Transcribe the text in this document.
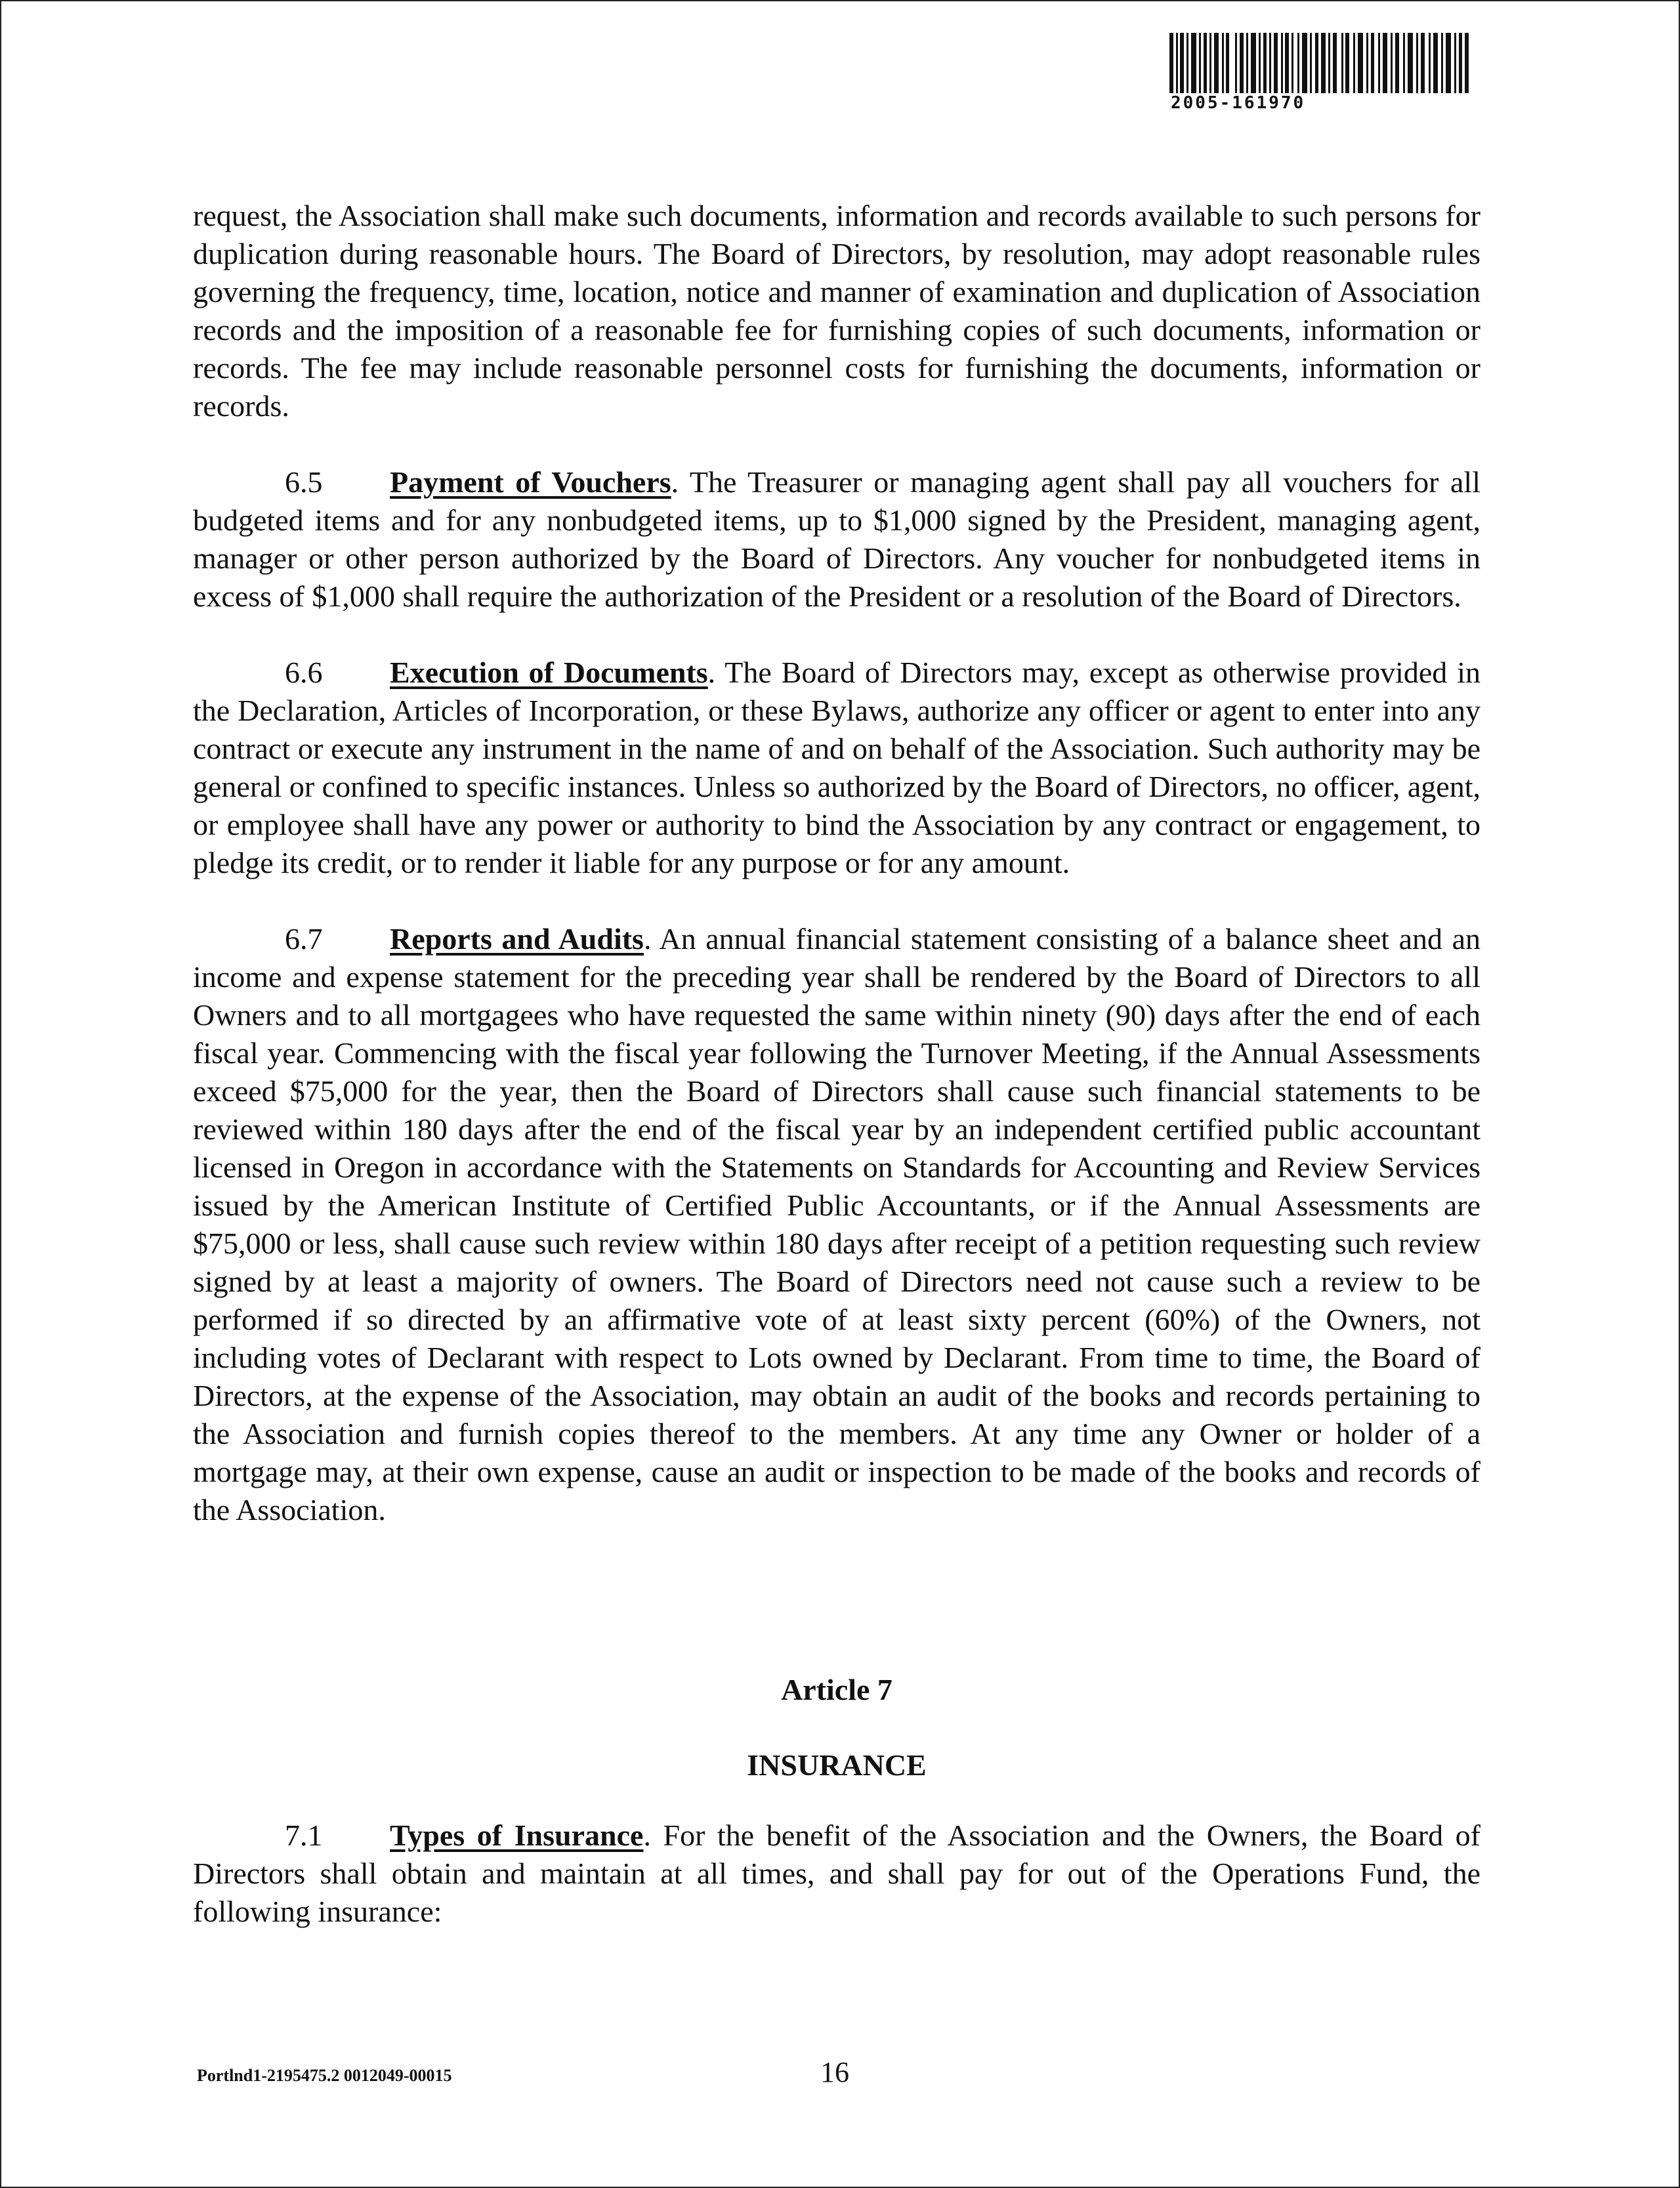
2005-161970

request, the Association shall make such documents, information and records available to such persons for duplication during reasonable hours. The Board of Directors, by resolution, may adopt reasonable rules governing the frequency, time, location, notice and manner of examination and duplication of Association records and the imposition of a reasonable fee for furnishing copies of such documents, information or records. The fee may include reasonable personnel costs for furnishing the documents, information or records.

6.5 Payment of Vouchers. The Treasurer or managing agent shall pay all vouchers for all budgeted items and for any nonbudgeted items, up to $1,000 signed by the President, managing agent, manager or other person authorized by the Board of Directors. Any voucher for nonbudgeted items in excess of $1,000 shall require the authorization of the President or a resolution of the Board of Directors.

6.6 Execution of Documents. The Board of Directors may, except as otherwise provided in the Declaration, Articles of Incorporation, or these Bylaws, authorize any officer or agent to enter into any contract or execute any instrument in the name of and on behalf of the Association. Such authority may be general or confined to specific instances. Unless so authorized by the Board of Directors, no officer, agent, or employee shall have any power or authority to bind the Association by any contract or engagement, to pledge its credit, or to render it liable for any purpose or for any amount.

6.7 Reports and Audits. An annual financial statement consisting of a balance sheet and an income and expense statement for the preceding year shall be rendered by the Board of Directors to all Owners and to all mortgagees who have requested the same within ninety (90) days after the end of each fiscal year. Commencing with the fiscal year following the Turnover Meeting, if the Annual Assessments exceed $75,000 for the year, then the Board of Directors shall cause such financial statements to be reviewed within 180 days after the end of the fiscal year by an independent certified public accountant licensed in Oregon in accordance with the Statements on Standards for Accounting and Review Services issued by the American Institute of Certified Public Accountants, or if the Annual Assessments are $75,000 or less, shall cause such review within 180 days after receipt of a petition requesting such review signed by at least a majority of owners. The Board of Directors need not cause such a review to be performed if so directed by an affirmative vote of at least sixty percent (60%) of the Owners, not including votes of Declarant with respect to Lots owned by Declarant. From time to time, the Board of Directors, at the expense of the Association, may obtain an audit of the books and records pertaining to the Association and furnish copies thereof to the members. At any time any Owner or holder of a mortgage may, at their own expense, cause an audit or inspection to be made of the books and records of the Association.

Article 7

INSURANCE

7.1 Types of Insurance. For the benefit of the Association and the Owners, the Board of Directors shall obtain and maintain at all times, and shall pay for out of the Operations Fund, the following insurance:

Portlnd1-2195475.2 0012049-00015	16
